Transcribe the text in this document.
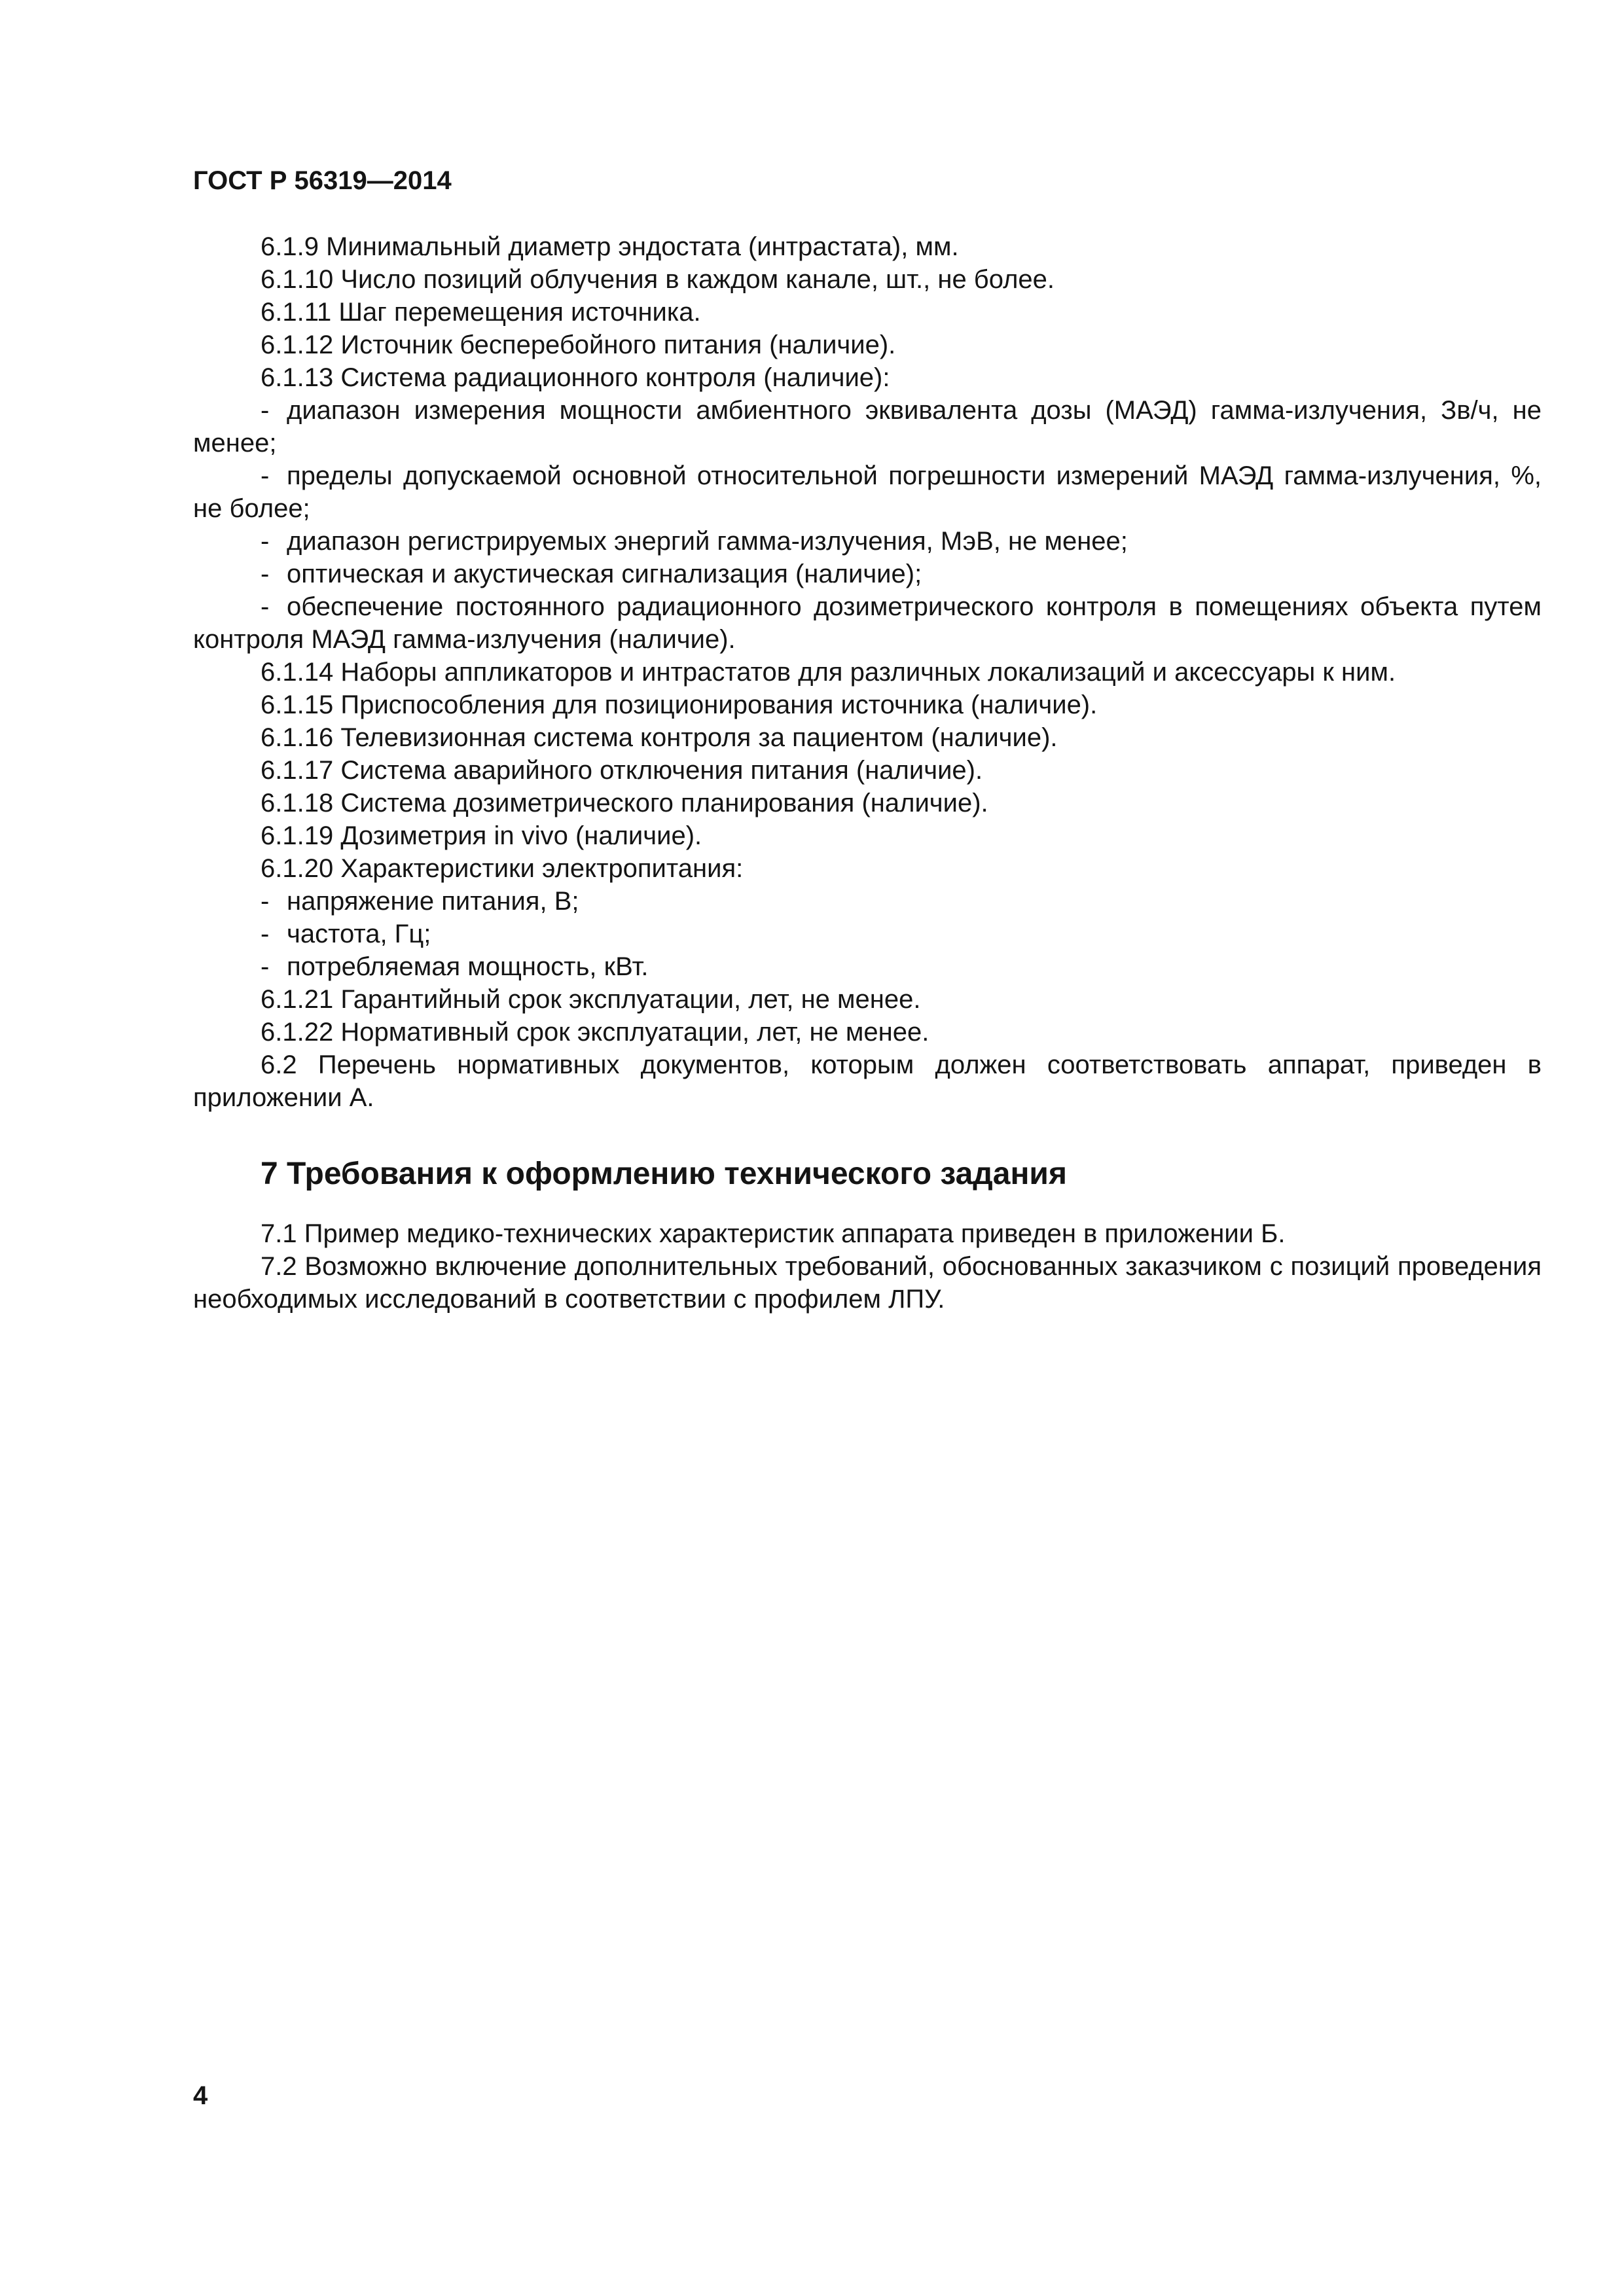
ГОСТ Р 56319—2014

6.1.9 Минимальный диаметр эндостата (интрастата), мм.

6.1.10 Число позиций облучения в каждом канале, шт., не более.

6.1.11 Шаг перемещения источника.

6.1.12 Источник бесперебойного питания (наличие).

6.1.13 Система радиационного контроля (наличие):

- диапазон измерения мощности амбиентного эквивалента дозы (МАЭД) гамма-излучения, Зв/ч, не менее;

- пределы допускаемой основной относительной погрешности измерений МАЭД гамма-излучения, %, не более;

- диапазон регистрируемых энергий гамма-излучения, МэВ, не менее;

- оптическая и акустическая сигнализация (наличие);

- обеспечение постоянного радиационного дозиметрического контроля в помещениях объекта путем контроля МАЭД гамма-излучения (наличие).

6.1.14 Наборы аппликаторов и интрастатов для различных локализаций и аксессуары к ним.

6.1.15 Приспособления для позиционирования источника (наличие).

6.1.16 Телевизионная система контроля за пациентом (наличие).

6.1.17 Система аварийного отключения питания (наличие).

6.1.18 Система дозиметрического планирования (наличие).

6.1.19 Дозиметрия in vivo (наличие).

6.1.20 Характеристики электропитания:

- напряжение питания, В;

- частота, Гц;

- потребляемая мощность, кВт.

6.1.21 Гарантийный срок эксплуатации, лет, не менее.

6.1.22 Нормативный срок эксплуатации, лет, не менее.

6.2 Перечень нормативных документов, которым должен соответствовать аппарат, приведен в приложении А.

7 Требования к оформлению технического задания

7.1 Пример медико-технических характеристик аппарата приведен в приложении Б.

7.2 Возможно включение дополнительных требований, обоснованных заказчиком с позиций проведения необходимых исследований в соответствии с профилем ЛПУ.

4
